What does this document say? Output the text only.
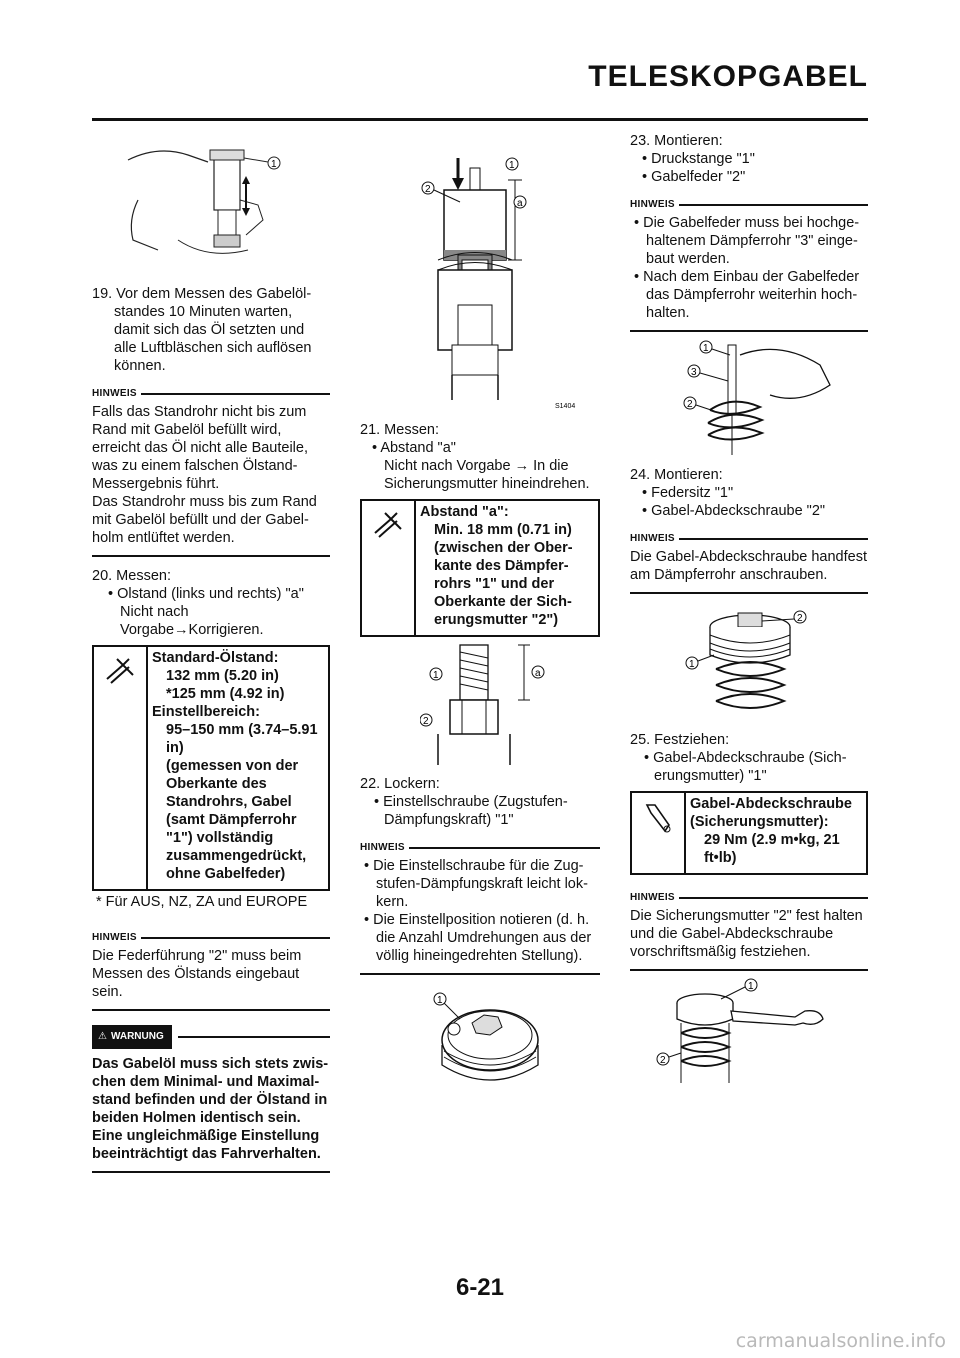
TELESKOPGABEL
1

19. Vor dem Messen des Gabelölstandes 10 Minuten warten, damit sich das Öl setzten und alle Luftbläschen sich auflösen können.

HINWEIS

Falls das Standrohr nicht bis zum Rand mit Gabelöl befüllt wird, erreicht das Öl nicht alle Bauteile, was zu einem falschen Ölstand-Messergebnis führt.

Das Standrohr muss bis zum Rand mit Gabelöl befüllt und der Gabelholm entlüftet werden.

20. Messen:

• Olstand (links und rechts) "a"

Nicht nach Vorgabe→Korrigieren.

Standard-Ölstand:

132 mm (5.20 in)

*125 mm (4.92 in)

Einstellbereich:

95–150 mm (3.74–5.91 in)

(gemessen von der Oberkante des Standrohrs, Gabel (samt Dämpferrohr "1") vollständig zusammengedrückt, ohne Gabelfeder)

* Für AUS, NZ, ZA und EUROPE

HINWEIS

Die Federführung "2" muss beim Messen des Ölstands eingebaut sein.

⚠ WARNUNG

Das Gabelöl muss sich stets zwischen dem Minimal- und Maximalstand befinden und der Ölstand in beiden Holmen identisch sein. Eine ungleichmäßige Einstellung beeinträchtigt das Fahrverhalten.

1
2
a
S1404

21. Messen:

• Abstand "a"

Nicht nach Vorgabe → In die Sicherungsmutter hineindrehen.

Abstand "a":

Min. 18 mm (0.71 in) (zwischen der Oberkante des Dämpferrohrs "1" und der Oberkante der Sicherungsmutter "2")

a
1
2

22. Lockern:

• Einstellschraube (Zugstufen-Dämpfungskraft) "1"

HINWEIS

• Die Einstellschraube für die Zugstufen-Dämpfungskraft leicht lokkern.

• Die Einstellposition notieren (d. h. die Anzahl Umdrehungen aus der völlig hineingedrehten Stellung).

1

23. Montieren:

• Druckstange "1"

• Gabelfeder "2"

HINWEIS

• Die Gabelfeder muss bei hochgehaltenem Dämpferrohr "3" eingebaut werden.

• Nach dem Einbau der Gabelfeder das Dämpferrohr weiterhin hochhalten.

1
3
2

24. Montieren:

• Federsitz "1"

• Gabel-Abdeckschraube "2"

HINWEIS

Die Gabel-Abdeckschraube handfest am Dämpferrohr anschrauben.

2
1

25. Festziehen:

• Gabel-Abdeckschraube (Sicherungsmutter) "1"

Gabel-Abdeckschraube (Sicherungsmutter):

29 Nm (2.9 m•kg, 21 ft•lb)

HINWEIS

Die Sicherungsmutter "2" fest halten und die Gabel-Abdeckschraube vorschriftsmäßig festziehen.

1
2
6-21
carmanualsonline.info
